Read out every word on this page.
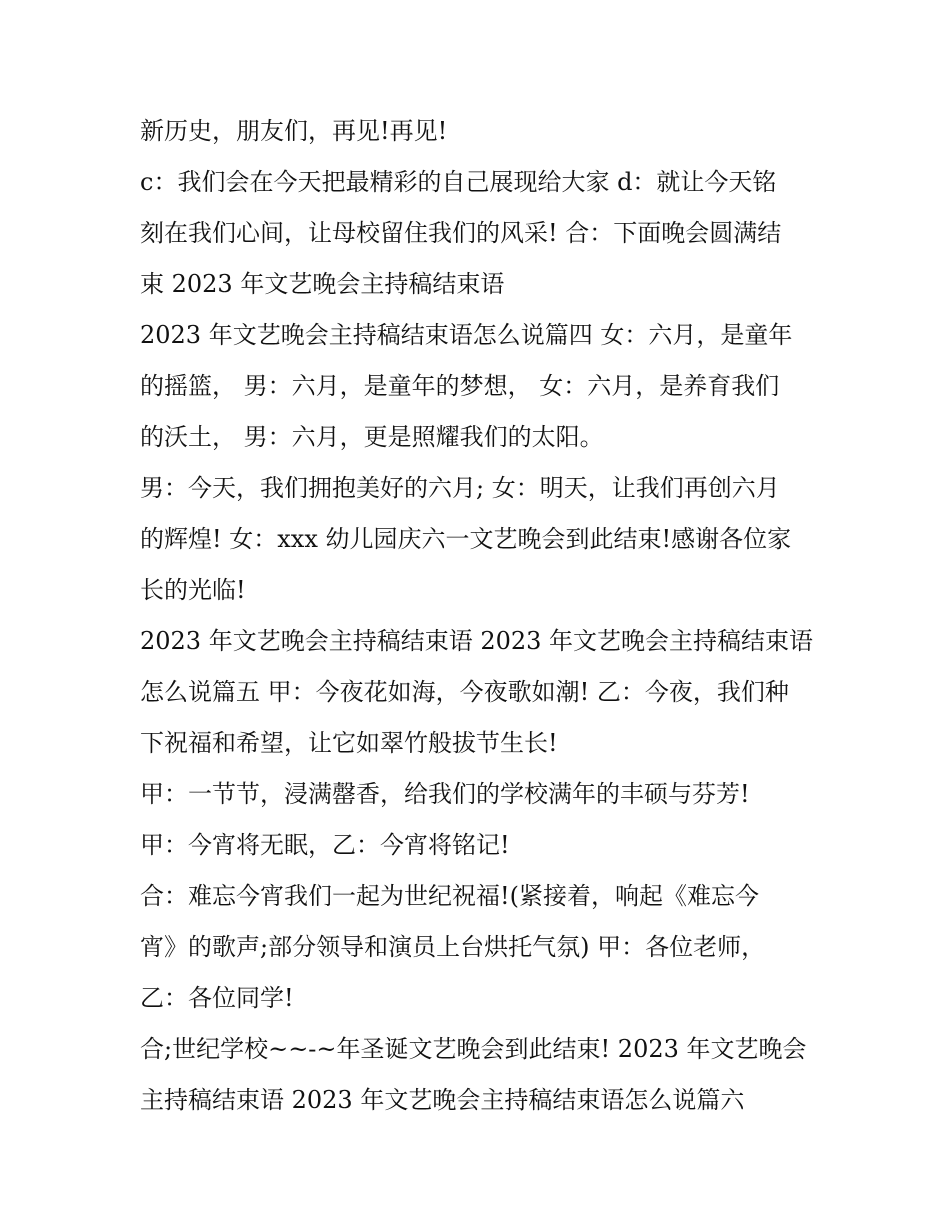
新历史，朋友们，再见!再见!
c：我们会在今天把最精彩的自己展现给大家 d：就让今天铭
刻在我们心间，让母校留住我们的风采! 合：下面晚会圆满结
束 2023 年文艺晚会主持稿结束语
2023 年文艺晚会主持稿结束语怎么说篇四 女：六月，是童年
的摇篮， 男：六月，是童年的梦想， 女：六月，是养育我们
的沃土， 男：六月，更是照耀我们的太阳。
男：今天，我们拥抱美好的六月; 女：明天，让我们再创六月
的辉煌! 女：xxx 幼儿园庆六一文艺晚会到此结束!感谢各位家
长的光临!
2023 年文艺晚会主持稿结束语 2023 年文艺晚会主持稿结束语
怎么说篇五 甲：今夜花如海，今夜歌如潮! 乙：今夜，我们种
下祝福和希望，让它如翠竹般拔节生长!
甲：一节节，浸满罄香，给我们的学校满年的丰硕与芬芳!
甲：今宵将无眠，乙：今宵将铭记!
合：难忘今宵我们一起为世纪祝福!(紧接着，响起《难忘今
宵》的歌声;部分领导和演员上台烘托气氛) 甲：各位老师，
乙：各位同学!
合;世纪学校~~-~年圣诞文艺晚会到此结束! 2023 年文艺晚会
主持稿结束语 2023 年文艺晚会主持稿结束语怎么说篇六
